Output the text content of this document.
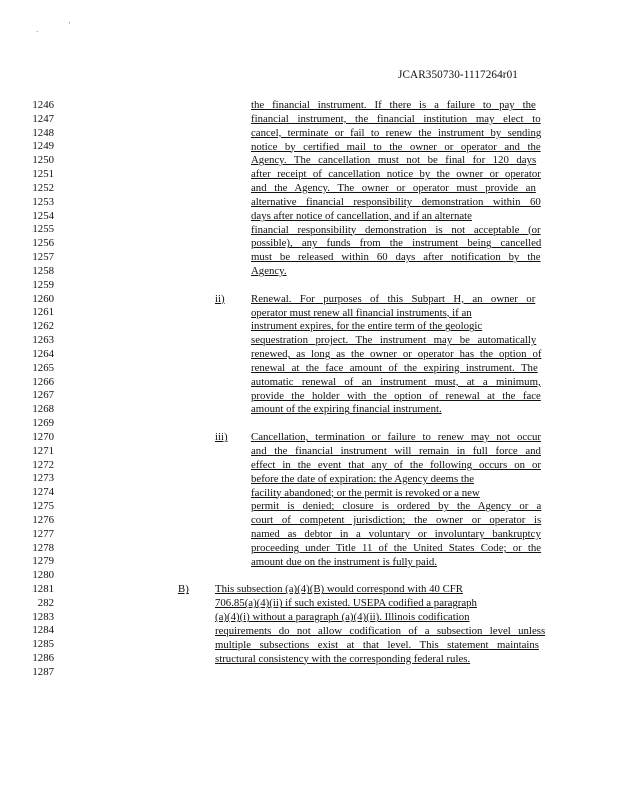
·
'
JCAR350730-1117264r01
1246
1247
1248
1249
1250
1251
1252
1253
1254
1255
1256
1257
1258
1259
1260
1261
1262
1263
1264
1265
1266
1267
1268
1269
1270
1271
1272
1273
1274
1275
1276
1277
1278
1279
1280
1281
282
1283
1284
1285
1286
1287
the financial instrument. If there is a failure to pay the
financial instrument, the financial institution may elect to
cancel, terminate or fail to renew the instrument by sending
notice by certified mail to the owner or operator and the
Agency. The cancellation must not be final for 120 days
after receipt of cancellation notice by the owner or operator
and the Agency. The owner or operator must provide an
alternative financial responsibility demonstration within 60
days after notice of cancellation, and if an alternate
financial responsibility demonstration is not acceptable (or
possible), any funds from the instrument being cancelled
must be released within 60 days after notification by the
Agency.
ii) Renewal. For purposes of this Subpart H, an owner or
operator must renew all financial instruments, if an
instrument expires, for the entire term of the geologic
sequestration project. The instrument may be automatically
renewed, as long as the owner or operator has the option of
renewal at the face amount of the expiring instrument. The
automatic renewal of an instrument must, at a minimum,
provide the holder with the option of renewal at the face
amount of the expiring financial instrument.
iii) Cancellation, termination or failure to renew may not occur
and the financial instrument will remain in full force and
effect in the event that any of the following occurs on or
before the date of expiration: the Agency deems the
facility abandoned; or the permit is revoked or a new
permit is denied; closure is ordered by the Agency or a
court of competent jurisdiction; the owner or operator is
named as debtor in a voluntary or involuntary bankruptcy
proceeding under Title 11 of the United States Code; or the
amount due on the instrument is fully paid.
B) This subsection (a)(4)(B) would correspond with 40 CFR
706.85(a)(4)(ii) if such existed. USEPA codified a paragraph
(a)(4)(i) without a paragraph (a)(4)(ii). Illinois codification
requirements do not allow codification of a subsection level unless
multiple subsections exist at that level. This statement maintains
structural consistency with the corresponding federal rules.
